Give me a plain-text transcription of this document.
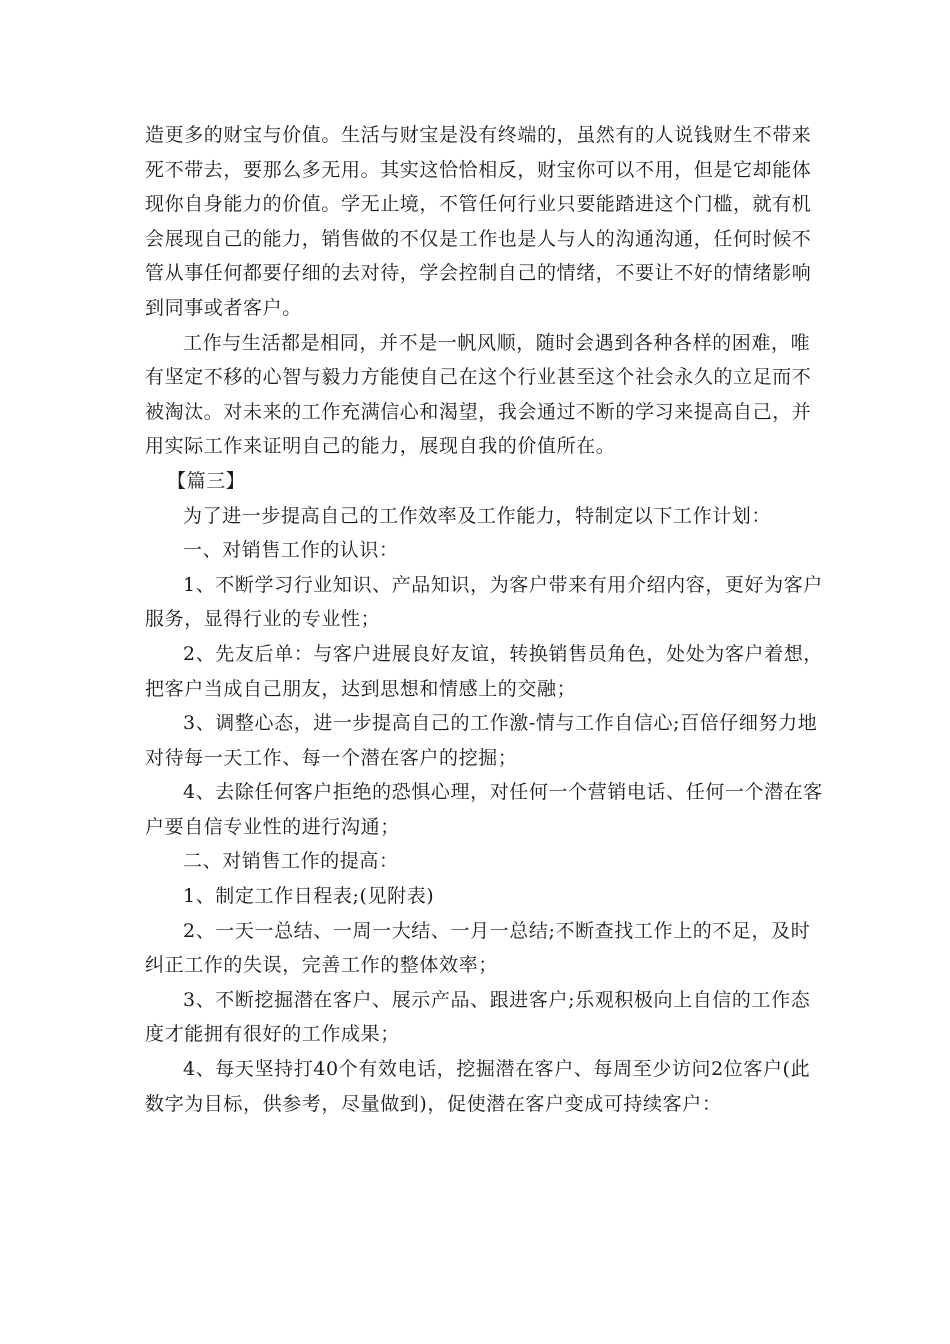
造更多的财宝与价值。生活与财宝是没有终端的，虽然有的人说钱财生不带来
死不带去，要那么多无用。其实这恰恰相反，财宝你可以不用，但是它却能体
现你自身能力的价值。学无止境，不管任何行业只要能踏进这个门槛，就有机
会展现自己的能力，销售做的不仅是工作也是人与人的沟通沟通，任何时候不
管从事任何都要仔细的去对待，学会控制自己的情绪，不要让不好的情绪影响
到同事或者客户。

工作与生活都是相同，并不是一帆风顺，随时会遇到各种各样的困难，唯
有坚定不移的心智与毅力方能使自己在这个行业甚至这个社会永久的立足而不
被淘汰。对未来的工作充满信心和渴望，我会通过不断的学习来提高自己，并
用实际工作来证明自己的能力，展现自我的价值所在。

【篇三】

为了进一步提高自己的工作效率及工作能力，特制定以下工作计划：

一、对销售工作的认识：

1、不断学习行业知识、产品知识，为客户带来有用介绍内容，更好为客户
服务，显得行业的专业性；

2、先友后单：与客户进展良好友谊，转换销售员角色，处处为客户着想，
把客户当成自己朋友，达到思想和情感上的交融；

3、调整心态，进一步提高自己的工作激-情与工作自信心;百倍仔细努力地
对待每一天工作、每一个潜在客户的挖掘；

4、去除任何客户拒绝的恐惧心理，对任何一个营销电话、任何一个潜在客
户要自信专业性的进行沟通；

二、对销售工作的提高：

1、制定工作日程表;(见附表)

2、一天一总结、一周一大结、一月一总结;不断查找工作上的不足，及时
纠正工作的失误，完善工作的整体效率；

3、不断挖掘潜在客户、展示产品、跟进客户;乐观积极向上自信的工作态
度才能拥有很好的工作成果；

4、每天坚持打40个有效电话，挖掘潜在客户、每周至少访问2位客户(此
数字为目标，供参考，尽量做到)，促使潜在客户变成可持续客户：
